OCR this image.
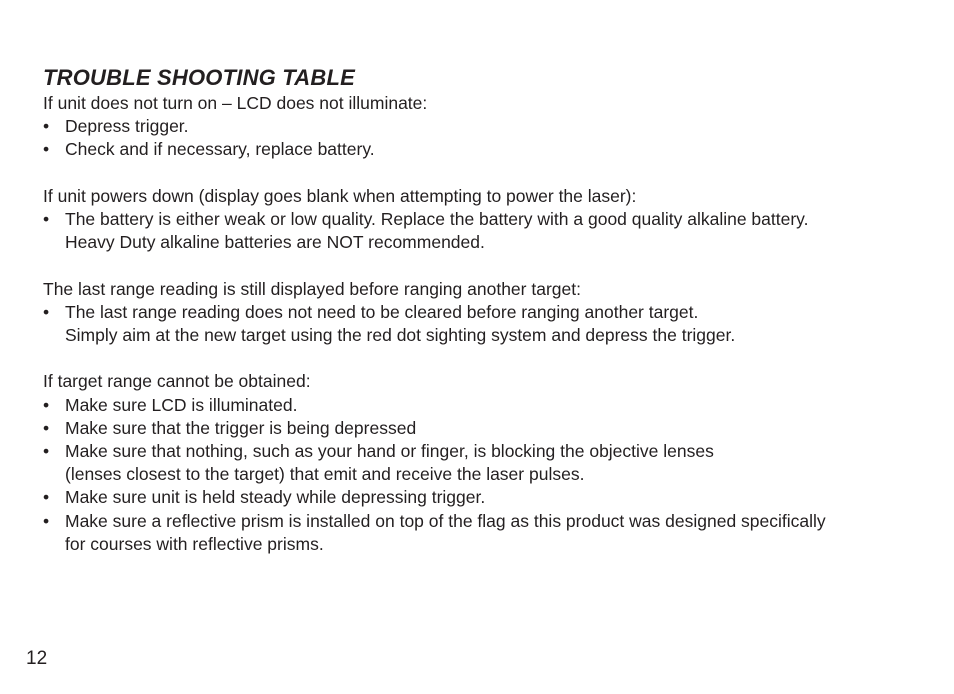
TROUBLE SHOOTING TABLE

If unit does not turn on – LCD does not illuminate:

• Depress trigger.
• Check and if necessary, replace battery.

If unit powers down (display goes blank when attempting to power the laser):

• The battery is either weak or low quality. Replace the battery with a good quality alkaline battery.
Heavy Duty alkaline batteries are NOT recommended.

The last range reading is still displayed before ranging another target:

• The last range reading does not need to be cleared before ranging another target.
Simply aim at the new target using the red dot sighting system and depress the trigger.

If target range cannot be obtained:

• Make sure LCD is illuminated.
• Make sure that the trigger is being depressed
• Make sure that nothing, such as your hand or finger, is blocking the objective lenses
(lenses closest to the target) that emit and receive the laser pulses.
• Make sure unit is held steady while depressing trigger.
• Make sure a reflective prism is installed on top of the flag as this product was designed specifically
for courses with reflective prisms.
12
